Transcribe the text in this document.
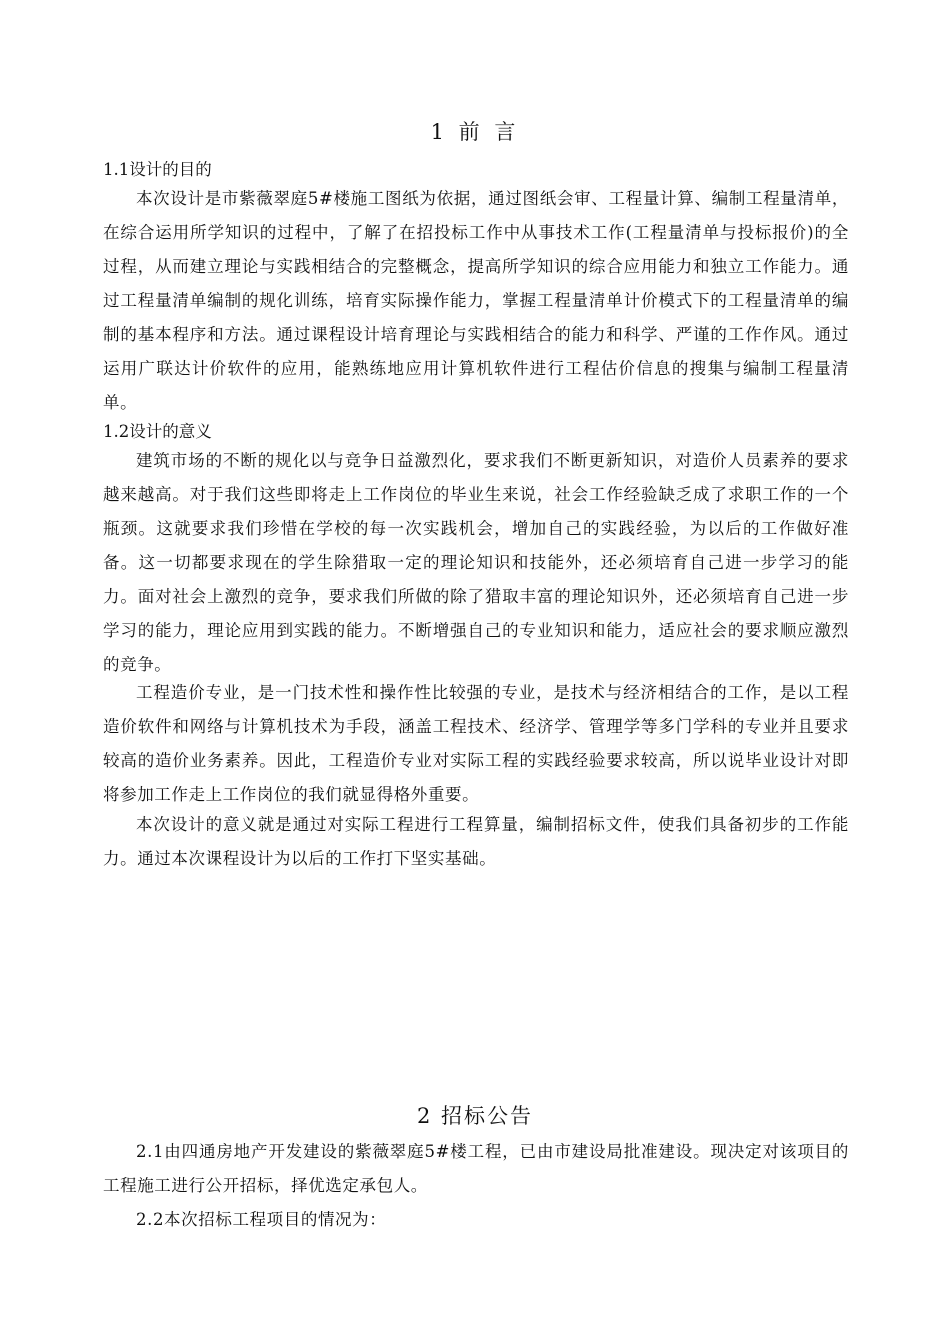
1 前 言
1.1设计的目的

本次设计是市紫薇翠庭5#楼施工图纸为依据，通过图纸会审、工程量计算、编制工程量清单，在综合运用所学知识的过程中，了解了在招投标工作中从事技术工作(工程量清单与投标报价)的全过程，从而建立理论与实践相结合的完整概念，提高所学知识的综合应用能力和独立工作能力。通过工程量清单编制的规化训练，培育实际操作能力，掌握工程量清单计价模式下的工程量清单的编制的基本程序和方法。通过课程设计培育理论与实践相结合的能力和科学、严谨的工作作风。通过运用广联达计价软件的应用，能熟练地应用计算机软件进行工程估价信息的搜集与编制工程量清单。

1.2设计的意义

建筑市场的不断的规化以与竞争日益激烈化，要求我们不断更新知识，对造价人员素养的要求越来越高。对于我们这些即将走上工作岗位的毕业生来说，社会工作经验缺乏成了求职工作的一个瓶颈。这就要求我们珍惜在学校的每一次实践机会，增加自己的实践经验，为以后的工作做好准备。这一切都要求现在的学生除猎取一定的理论知识和技能外，还必须培育自己进一步学习的能力。面对社会上激烈的竞争，要求我们所做的除了猎取丰富的理论知识外，还必须培育自己进一步学习的能力，理论应用到实践的能力。不断增强自己的专业知识和能力，适应社会的要求顺应激烈的竞争。

工程造价专业，是一门技术性和操作性比较强的专业，是技术与经济相结合的工作，是以工程造价软件和网络与计算机技术为手段，涵盖工程技术、经济学、管理学等多门学科的专业并且要求较高的造价业务素养。因此，工程造价专业对实际工程的实践经验要求较高，所以说毕业设计对即将参加工作走上工作岗位的我们就显得格外重要。

本次设计的意义就是通过对实际工程进行工程算量，编制招标文件，使我们具备初步的工作能力。通过本次课程设计为以后的工作打下坚实基础。

2 招标公告

2.1由四通房地产开发建设的紫薇翠庭5#楼工程，已由市建设局批准建设。现决定对该项目的工程施工进行公开招标，择优选定承包人。

2.2本次招标工程项目的情况为：
